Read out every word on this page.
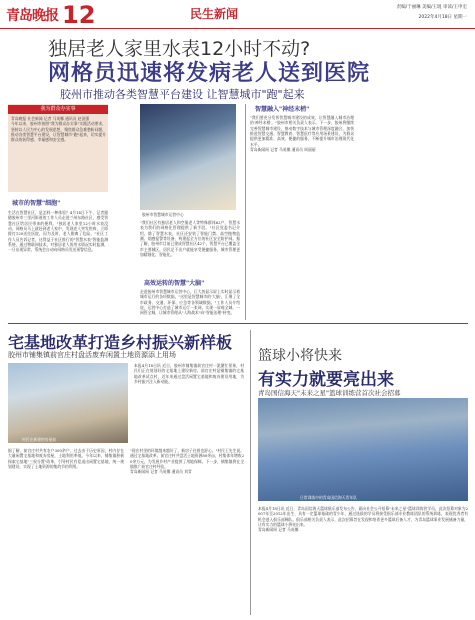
青岛晚报 12	民生新闻	责编/于丽琳 美编/王琨 审读/王申宏
2022年4月18日 星期一
独居老人家里水表12小时不动?
网格员迅速将发病老人送到医院
胶州市推动各类智慧平台建设 让智慧城市"跑"起来
我为群众办实事
青岛晚报 社会新闻 记者 马英娜 通讯员 赵国强
今年以来，胶州市按照"我为群众办实事"实践活动要求，坚持以人民为中心的发展思想，聚焦群众急难愁盼问题，推动各类智慧平台建设，让智慧城市"跑"起来，切实提升群众的获得感、幸福感和安全感。
城市的智慧"细胞"
生活在智慧社区，是怎样一种体验？4月14日下午，记者跟随胶州市三里河街道的工作人员走进兰州东路社区，感受智慧社区给居民带来的便利。"独居老人家里12小时水表没动，网格员马上就赶到老人家中，发现老人突发疾病，立即拨打120送往医院，因为及时，老人脱离了危险。"社区工作人员告诉记者，这得益于社区推行的"智慧水表"智能监测系统，通过物联网技术，对独居老人的用水情况实时监测，一旦出现异常，系统会自动向网格员发送预警信息。
胶州市智慧城市运营中心
"我们社区有独居老人和空巢老人等特殊群体62户，智慧水表为我们的网格化管理提供了新手段。"社区党委书记介绍，除了智慧水表，社区还安装了智能门禁、高空抛物监测、烟感报警等设备，构建起全方位的社区安全防护网。据了解，胶州市目前已建成智慧社区42个，智慧平台已覆盖全市主要城区，居民足不出户就能享受便捷服务，城市管理更加精细化、智能化。
高效运转的智慧"大脑"
走进胶州市智慧城市运营中心，巨大的显示屏上实时显示着城市运行的各项数据。"这里是智慧城市的'大脑'，汇聚了全市政务、交通、环保、应急等各领域数据。"工作人员介绍说，运营中心打造了城市运行一张网，实现一屏观全域、一网管全城，让城市管理从"人海战术"向"智能治理"转变。
智慧融入"神经末梢"
"我们要充分发挥智慧城市建设的成效，让智慧融入城市治理的'神经末梢'。"胶州市相关负责人表示，下一步，胶州将继续完善智慧城市建设，推动数字技术与城市管理深度融合，加快推进智慧交通、智慧教育、智慧医疗等应用场景建设，为群众提供更加精准、高效、便捷的服务，不断提升城市治理现代化水平。
青岛新闻网 记者 马英娜 通讯员 周丽丽
宅基地改革打造乡村振兴新样板
胶州市铺集镇前官庄村盘活废弃闲置土地资源添上用场
村民在新建的房屋前
本报4月18日讯 近日，胶州市铺集镇前官庄村一派繁忙景象，村民们正在规划好的宅基地上建设新房。前官庄村是铺集镇的宅基地改革试点村，近年来通过盘活闲置宅基地和废弃建设用地，为乡村振兴注入新动能。
据了解，前官庄村共有农户300余户，过去由于历史原因，村内存在大量闲置宅基地和废弃房屋，土地利用率低。今年以来，铺集镇积极探索宅基地"三权分置"改革，引导村民有偿退出闲置宅基地，统一规划建设，实现了土地资源的集约节约利用。
"现在村里的环境越来越好了，新房子住着也舒心。"村民王先生说。通过宅基地改革，前官庄村共盘活土地资源80余亩，村集体年增收20余万元，为发展乡村产业提供了用地保障。下一步，铺集镇将在全镇推广前官庄村经验。
青岛新闻网 记者 马英娜 通讯员 刘青
篮球小将快来
有实力就要亮出来
青岛国信海天"未来之星"篮球训练营首次社会招募
日常训练中的青岛国信海天青年队
本报4月18日讯 近日，青岛国信海天篮球俱乐部发布公告，面向社会公开招募"未来之星"篮球训练营学员。此次招募对象为2007年至2012年出生、具有一定篮球基础的青少年，通过选拔的学员将接受俱乐部专业教练团队的系统训练，表现优秀者有机会进入俱乐部梯队。俱乐部相关负责人表示，此次招募旨在发现和培养更多篮球后备人才，为青岛篮球事业发展储备力量，让有实力的篮球小将亮出来。
青岛新闻网 记者 马英娜
